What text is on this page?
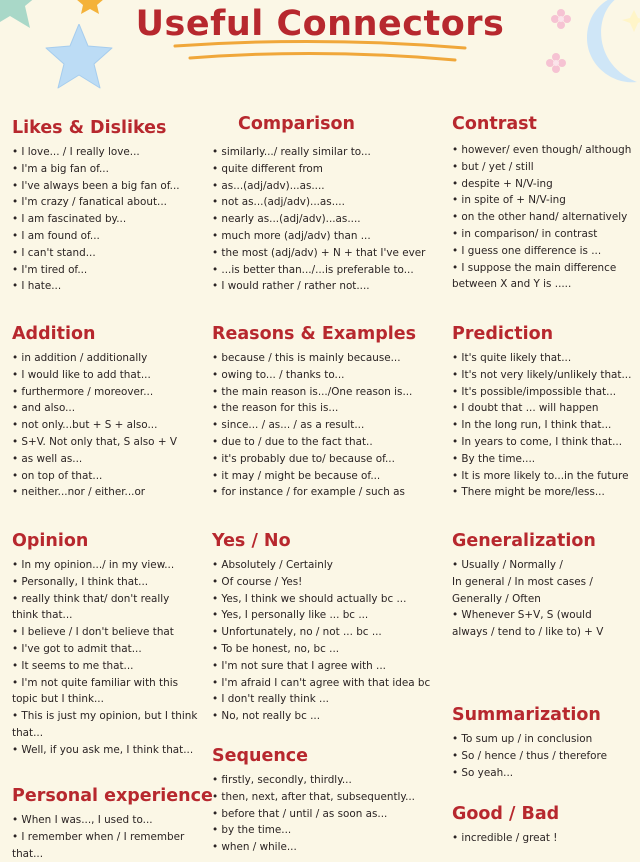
Useful Connectors
Likes & Dislikes
• I love... / I really love...
• I'm a big fan of...
• I've always been a big fan of...
• I'm crazy / fanatical about...
• I am fascinated by...
• I am found of...
• I can't stand...
• I'm tired of...
• I hate...
Addition
• in addition / additionally
• I would like to add that...
• furthermore / moreover...
• and also...
• not only...but + S + also...
• S+V. Not only that, S also + V
• as well as...
• on top of that...
• neither...nor / either...or
Opinion
• In my opinion.../ in my view...
• Personally, I think that...
• really think that/ don't really
think that...
• I believe / I don't believe that
• I've got to admit that...
• It seems to me that...
• I'm not quite familiar with this
topic but I think...
• This is just my opinion, but I think
that...
• Well, if you ask me, I think that...
Personal experience
• When I was..., I used to...
• I remember when / I remember
that...
Comparison
• similarly.../ really similar to...
• quite different from
• as...(adj/adv)...as....
• not as...(adj/adv)...as....
• nearly as...(adj/adv)...as....
• much more (adj/adv) than ...
• the most (adj/adv) + N + that I've ever
• ...is better than.../...is preferable to...
• I would rather / rather not....
Reasons & Examples
• because / this is mainly because...
• owing to... / thanks to...
• the main reason is.../One reason is...
• the reason for this is...
• since... / as... / as a result...
• due to / due to the fact that..
• it's probably due to/ because of...
• it may / might be because of...
• for instance / for example / such as
Yes / No
• Absolutely / Certainly
• Of course / Yes!
• Yes, I think we should actually bc ...
• Yes, I personally like ... bc ...
• Unfortunately, no / not ... bc ...
• To be honest, no, bc ...
• I'm not sure that I agree with ...
• I'm afraid I can't agree with that idea bc
• I don't really think ...
• No, not really bc ...
Sequence
• firstly, secondly, thirdly...
• then, next, after that, subsequently...
• before that / until / as soon as...
• by the time...
• when / while...
Contrast
• however/ even though/ although
• but / yet / still
• despite + N/V-ing
• in spite of + N/V-ing
• on the other hand/ alternatively
• in comparison/ in contrast
• I guess one difference is ...
• I suppose the main difference
between X and Y is .....
Prediction
• It's quite likely that...
• It's not very likely/unlikely that...
• It's possible/impossible that...
• I doubt that ... will happen
• In the long run, I think that...
• In years to come, I think that...
• By the time....
• It is more likely to...in the future
• There might be more/less...
Generalization
• Usually / Normally /
In general / In most cases /
Generally / Often
• Whenever S+V, S (would
always / tend to / like to) + V
Summarization
• To sum up / in conclusion
• So / hence / thus / therefore
• So yeah...
Good / Bad
• incredible / great !
